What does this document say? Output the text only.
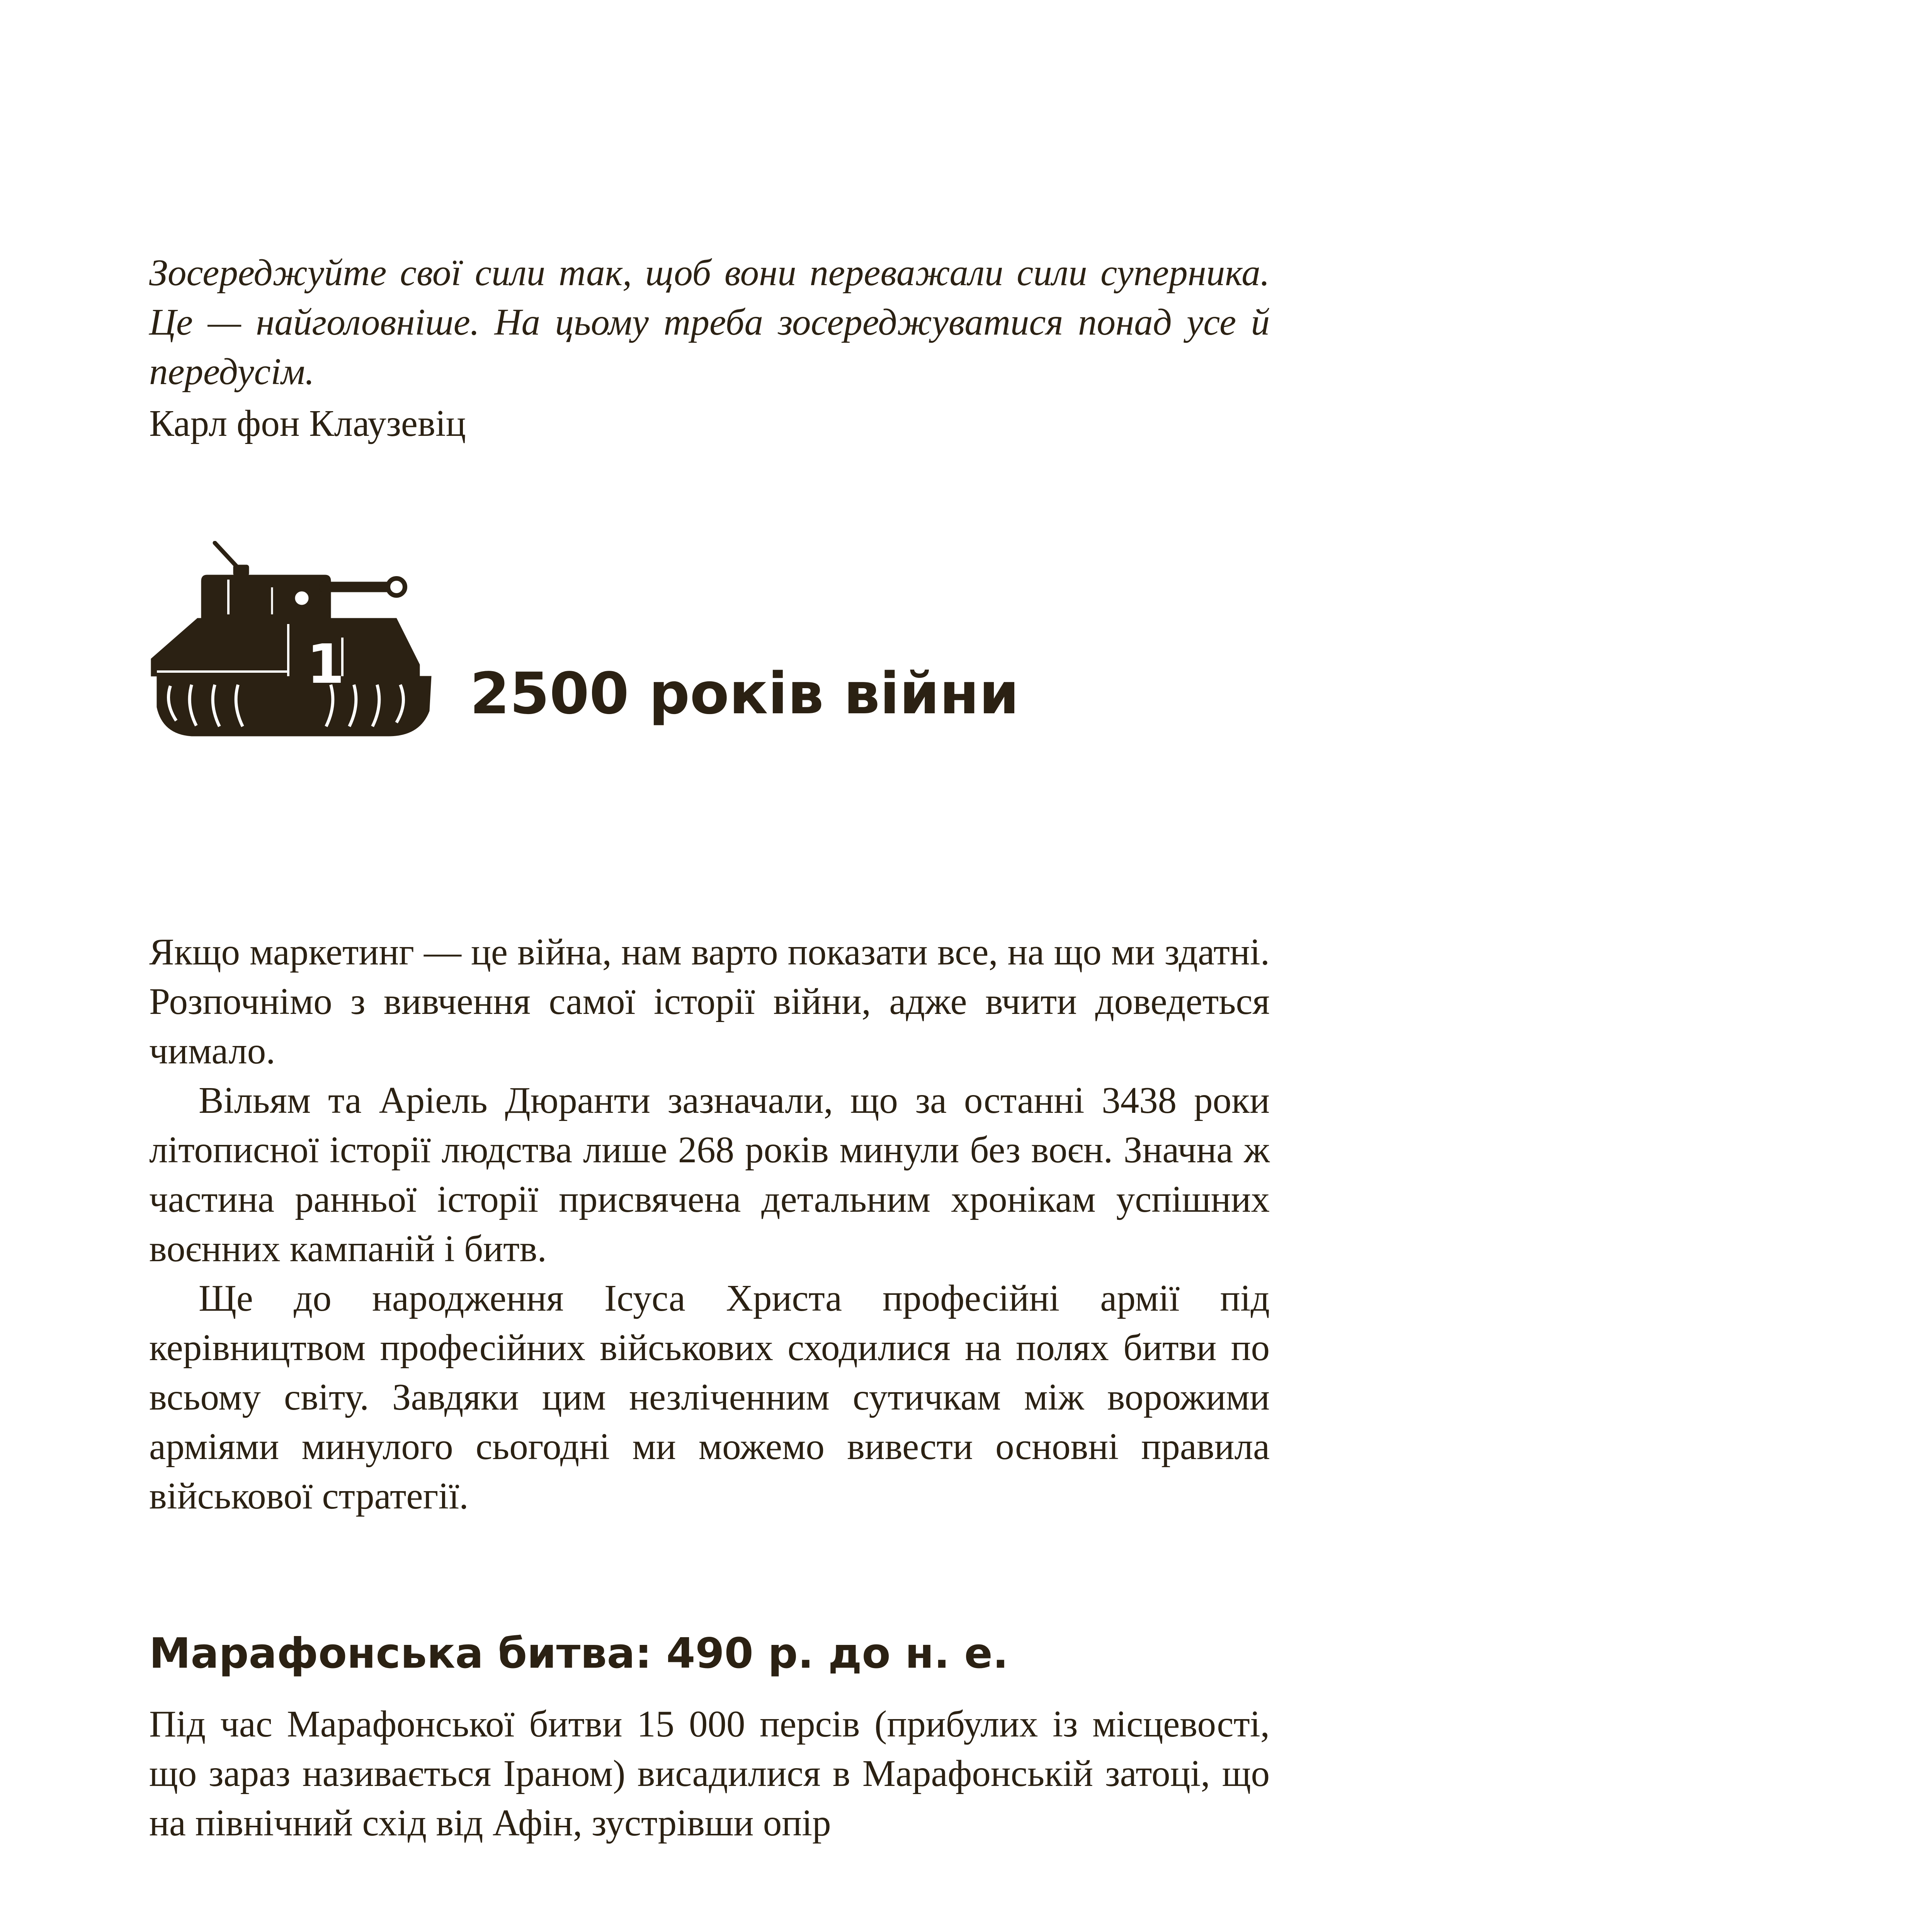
Зосереджуйте свої сили так, щоб вони переважали сили суперника. Це — найголовніше. На цьому треба зосереджуватися понад усе й передусім.
Карл фон Клаузевіц
1 2500 років війни

Якщо маркетинг — це війна, нам варто показати все, на що ми здатні. Розпочнімо з вивчення самої історії війни, адже вчити доведеться чимало.

Вільям та Аріель Дюранти зазначали, що за останні 3438 роки літописної історії людства лише 268 років минули без воєн. Значна ж частина ранньої історії присвячена детальним хронікам успішних воєнних кампаній і битв.

Ще до народження Ісуса Христа професійні армії під керівництвом професійних військових сходилися на полях битви по всьому світу. Завдяки цим незліченним сутичкам між ворожими арміями минулого сьогодні ми можемо вивести основні правила військової стратегії.

Марафонська битва: 490 р. до н. е.

Під час Марафонської битви 15 000 персів (прибулих із місцевості, що зараз називається Іраном) висадилися в Марафонській затоці, що на північний схід від Афін, зустрівши опір
